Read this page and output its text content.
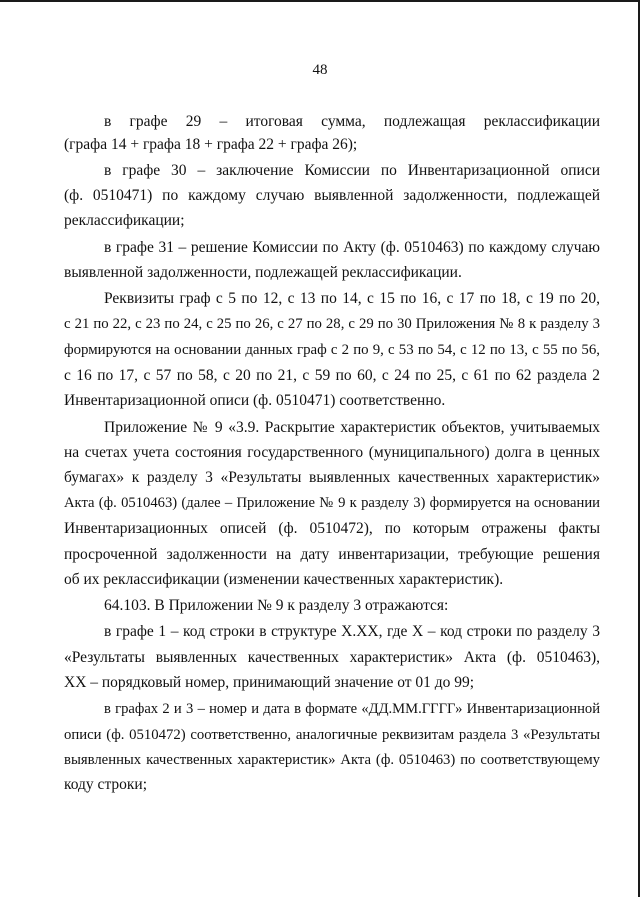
48
в графе 29 – итоговая сумма, подлежащая реклассификации
(графа 14 + графа 18 + графа 22 + графа 26);
в графе 30 – заключение Комиссии по Инвентаризационной описи
(ф. 0510471) по каждому случаю выявленной задолженности, подлежащей
реклассификации;
в графе 31 – решение Комиссии по Акту (ф. 0510463) по каждому случаю
выявленной задолженности, подлежащей реклассификации.
Реквизиты граф с 5 по 12, с 13 по 14, с 15 по 16, с 17 по 18, с 19 по 20,
с 21 по 22, с 23 по 24, с 25 по 26, с 27 по 28, с 29 по 30 Приложения № 8 к разделу 3
формируются на основании данных граф с 2 по 9, с 53 по 54, с 12 по 13, с 55 по 56,
с 16 по 17, с 57 по 58, с 20 по 21, с 59 по 60, с 24 по 25, с 61 по 62 раздела 2
Инвентаризационной описи (ф. 0510471) соответственно.
Приложение № 9 «3.9. Раскрытие характеристик объектов, учитываемых
на счетах учета состояния государственного (муниципального) долга в ценных
бумагах» к разделу 3 «Результаты выявленных качественных характеристик»
Акта (ф. 0510463) (далее – Приложение № 9 к разделу 3) формируется на основании
Инвентаризационных описей (ф. 0510472), по которым отражены факты
просроченной задолженности на дату инвентаризации, требующие решения
об их реклассификации (изменении качественных характеристик).
64.103. В Приложении № 9 к разделу 3 отражаются:
в графе 1 – код строки в структуре X.XX, где X – код строки по разделу 3
«Результаты выявленных качественных характеристик» Акта (ф. 0510463),
XX – порядковый номер, принимающий значение от 01 до 99;
в графах 2 и 3 – номер и дата в формате «ДД.ММ.ГГГГ» Инвентаризационной
описи (ф. 0510472) соответственно, аналогичные реквизитам раздела 3 «Результаты
выявленных качественных характеристик» Акта (ф. 0510463) по соответствующему
коду строки;
